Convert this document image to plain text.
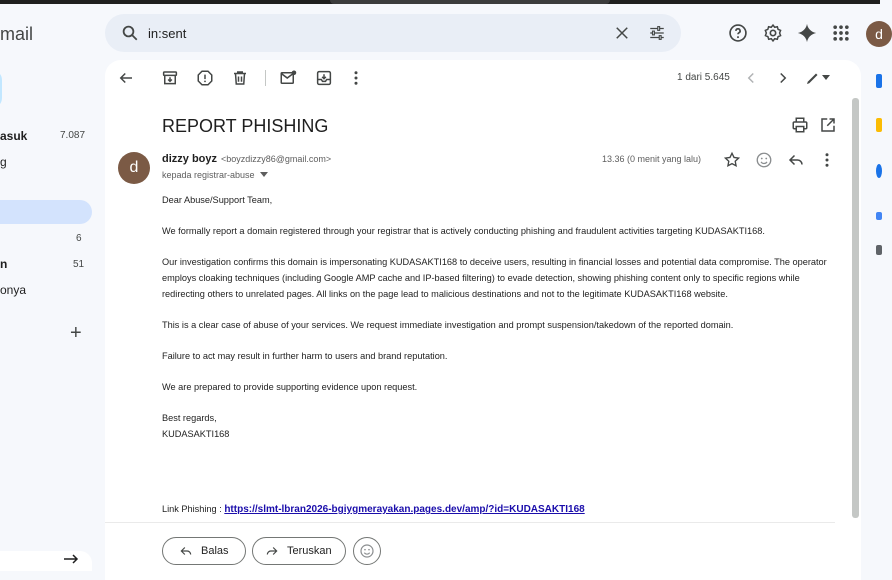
mail
asuk	7.087
g
6
n	51
onya
+
in:sent
d
1 dari 5.645
REPORT PHISHING
d dizzy boyz <boyzdizzy86@gmail.com>
kepada registrar-abuse
13.36 (0 menit yang lalu)

Dear Abuse/Support Team,

We formally report a domain registered through your registrar that is actively conducting phishing and fraudulent activities targeting KUDASAKTI168.

Our investigation confirms this domain is impersonating KUDASAKTI168 to deceive users, resulting in financial losses and potential data compromise. The operator employs cloaking techniques (including Google AMP cache and IP-based filtering) to evade detection, showing phishing content only to specific regions while redirecting others to unrelated pages. All links on the page lead to malicious destinations and not to the legitimate KUDASAKTI168 website.

This is a clear case of abuse of your services. We request immediate investigation and prompt suspension/takedown of the reported domain.

Failure to act may result in further harm to users and brand reputation.

We are prepared to provide supporting evidence upon request.

Best regards,
KUDASAKTI168

Link Phishing : https://slmt-lbran2026-bgiygmerayakan.pages.dev/amp/?id=KUDASAKTI168
Balas	Teruskan
